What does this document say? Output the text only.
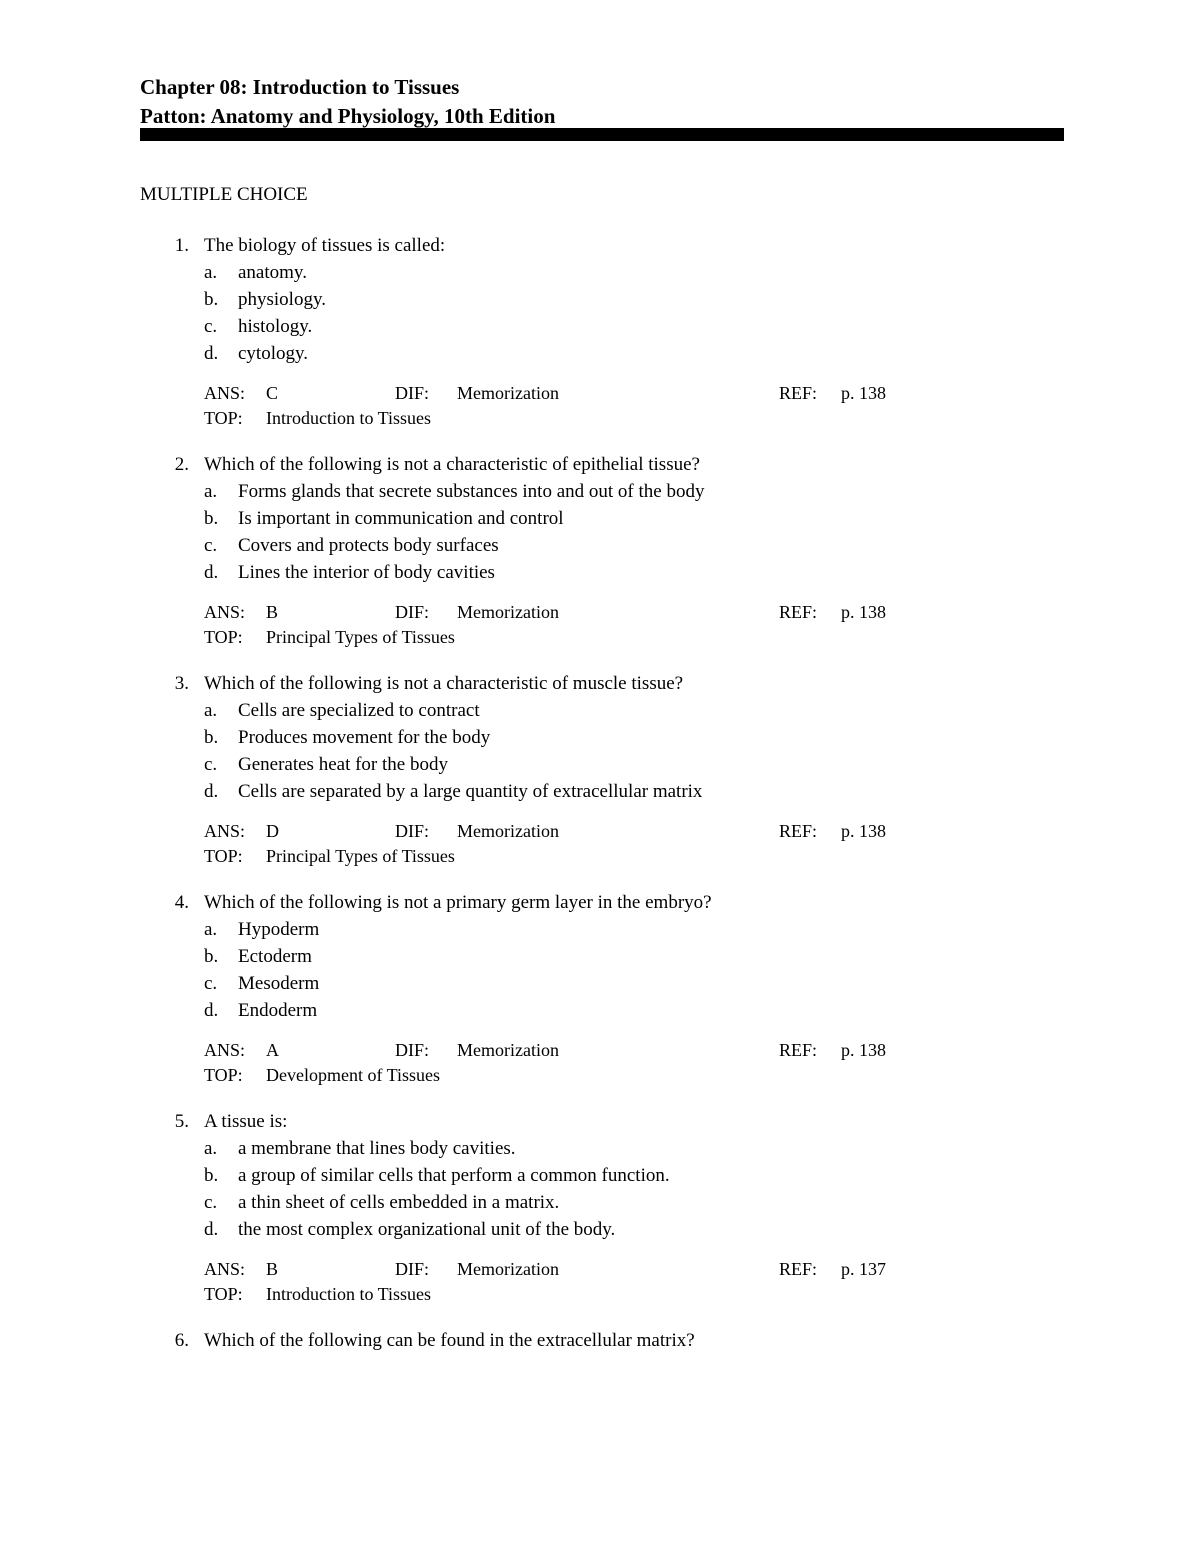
Chapter 08: Introduction to Tissues
Patton: Anatomy and Physiology, 10th Edition
MULTIPLE CHOICE
1. The biology of tissues is called:
a. anatomy.
b. physiology.
c. histology.
d. cytology.
ANS: C	DIF: Memorization	REF: p. 138
TOP: Introduction to Tissues
2. Which of the following is not a characteristic of epithelial tissue?
a. Forms glands that secrete substances into and out of the body
b. Is important in communication and control
c. Covers and protects body surfaces
d. Lines the interior of body cavities
ANS: B	DIF: Memorization	REF: p. 138
TOP: Principal Types of Tissues
3. Which of the following is not a characteristic of muscle tissue?
a. Cells are specialized to contract
b. Produces movement for the body
c. Generates heat for the body
d. Cells are separated by a large quantity of extracellular matrix
ANS: D	DIF: Memorization	REF: p. 138
TOP: Principal Types of Tissues
4. Which of the following is not a primary germ layer in the embryo?
a. Hypoderm
b. Ectoderm
c. Mesoderm
d. Endoderm
ANS: A	DIF: Memorization	REF: p. 138
TOP: Development of Tissues
5. A tissue is:
a. a membrane that lines body cavities.
b. a group of similar cells that perform a common function.
c. a thin sheet of cells embedded in a matrix.
d. the most complex organizational unit of the body.
ANS: B	DIF: Memorization	REF: p. 137
TOP: Introduction to Tissues
6. Which of the following can be found in the extracellular matrix?
